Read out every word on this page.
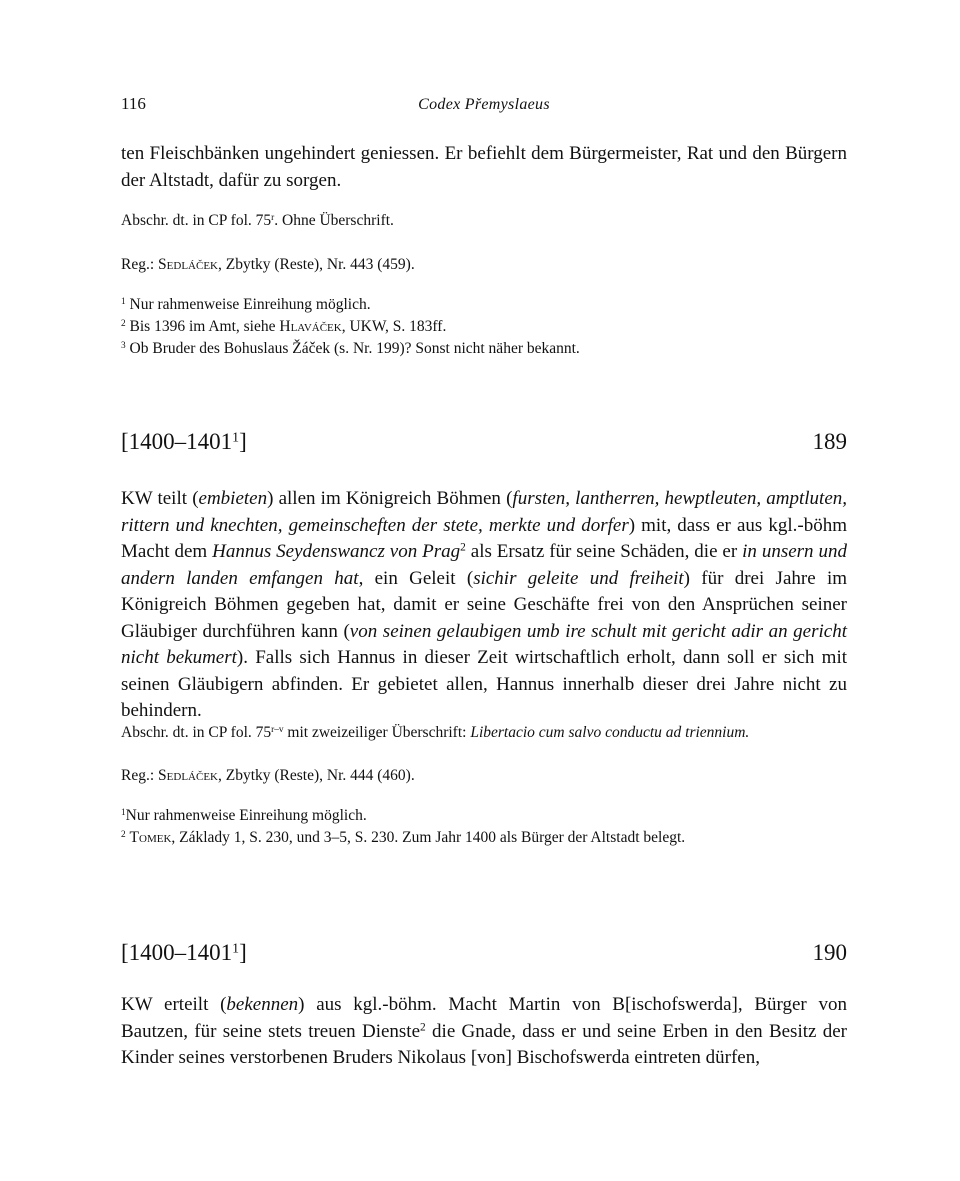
116	Codex Přemyslaeus

ten Fleischbänken ungehindert geniessen. Er befiehlt dem Bürgermeister, Rat und den Bürgern der Altstadt, dafür zu sorgen.

Abschr. dt. in CP fol. 75$^r$. Ohne Überschrift.

Reg.: Sedláček, Zbytky (Reste), Nr. 443 (459).

$^1$ Nur rahmenweise Einreihung möglich.

$^2$ Bis 1396 im Amt, siehe Hlaváček, UKW, S. 183ff.

$^3$ Ob Bruder des Bohuslaus Žáček (s. Nr. 199)? Sonst nicht näher bekannt.

[1400–1401$^1$]	189

KW teilt (embieten) allen im Königreich Böhmen (fursten, lantherren, hewptleuten, amptluten, rittern und knechten, gemeinscheften der stete, merkte und dorfer) mit, dass er aus kgl.-böhm Macht dem Hannus Seydenswancz von Prag$^2$ als Ersatz für seine Schäden, die er in unsern und andern landen emfangen hat, ein Geleit (sichir geleite und freiheit) für drei Jahre im Königreich Böhmen gegeben hat, damit er seine Geschäfte frei von den Ansprüchen seiner Gläubiger durchführen kann (von seinen gelaubigen umb ire schult mit gericht adir an gericht nicht bekumert). Falls sich Hannus in dieser Zeit wirtschaftlich erholt, dann soll er sich mit seinen Gläubigern abfinden. Er gebietet allen, Hannus innerhalb dieser drei Jahre nicht zu behindern.

Abschr. dt. in CP fol. 75$^{r-v}$ mit zweizeiliger Überschrift: Libertacio cum salvo conductu ad triennium.

Reg.: Sedláček, Zbytky (Reste), Nr. 444 (460).

$^1$Nur rahmenweise Einreihung möglich.

$^2$ Tomek, Základy 1, S. 230, und 3–5, S. 230. Zum Jahr 1400 als Bürger der Altstadt belegt.

[1400–1401$^1$]	190

KW erteilt (bekennen) aus kgl.-böhm. Macht Martin von B[ischofswerda], Bürger von Bautzen, für seine stets treuen Dienste$^2$ die Gnade, dass er und seine Erben in den Besitz der Kinder seines verstorbenen Bruders Nikolaus [von] Bischofswerda eintreten dürfen,
